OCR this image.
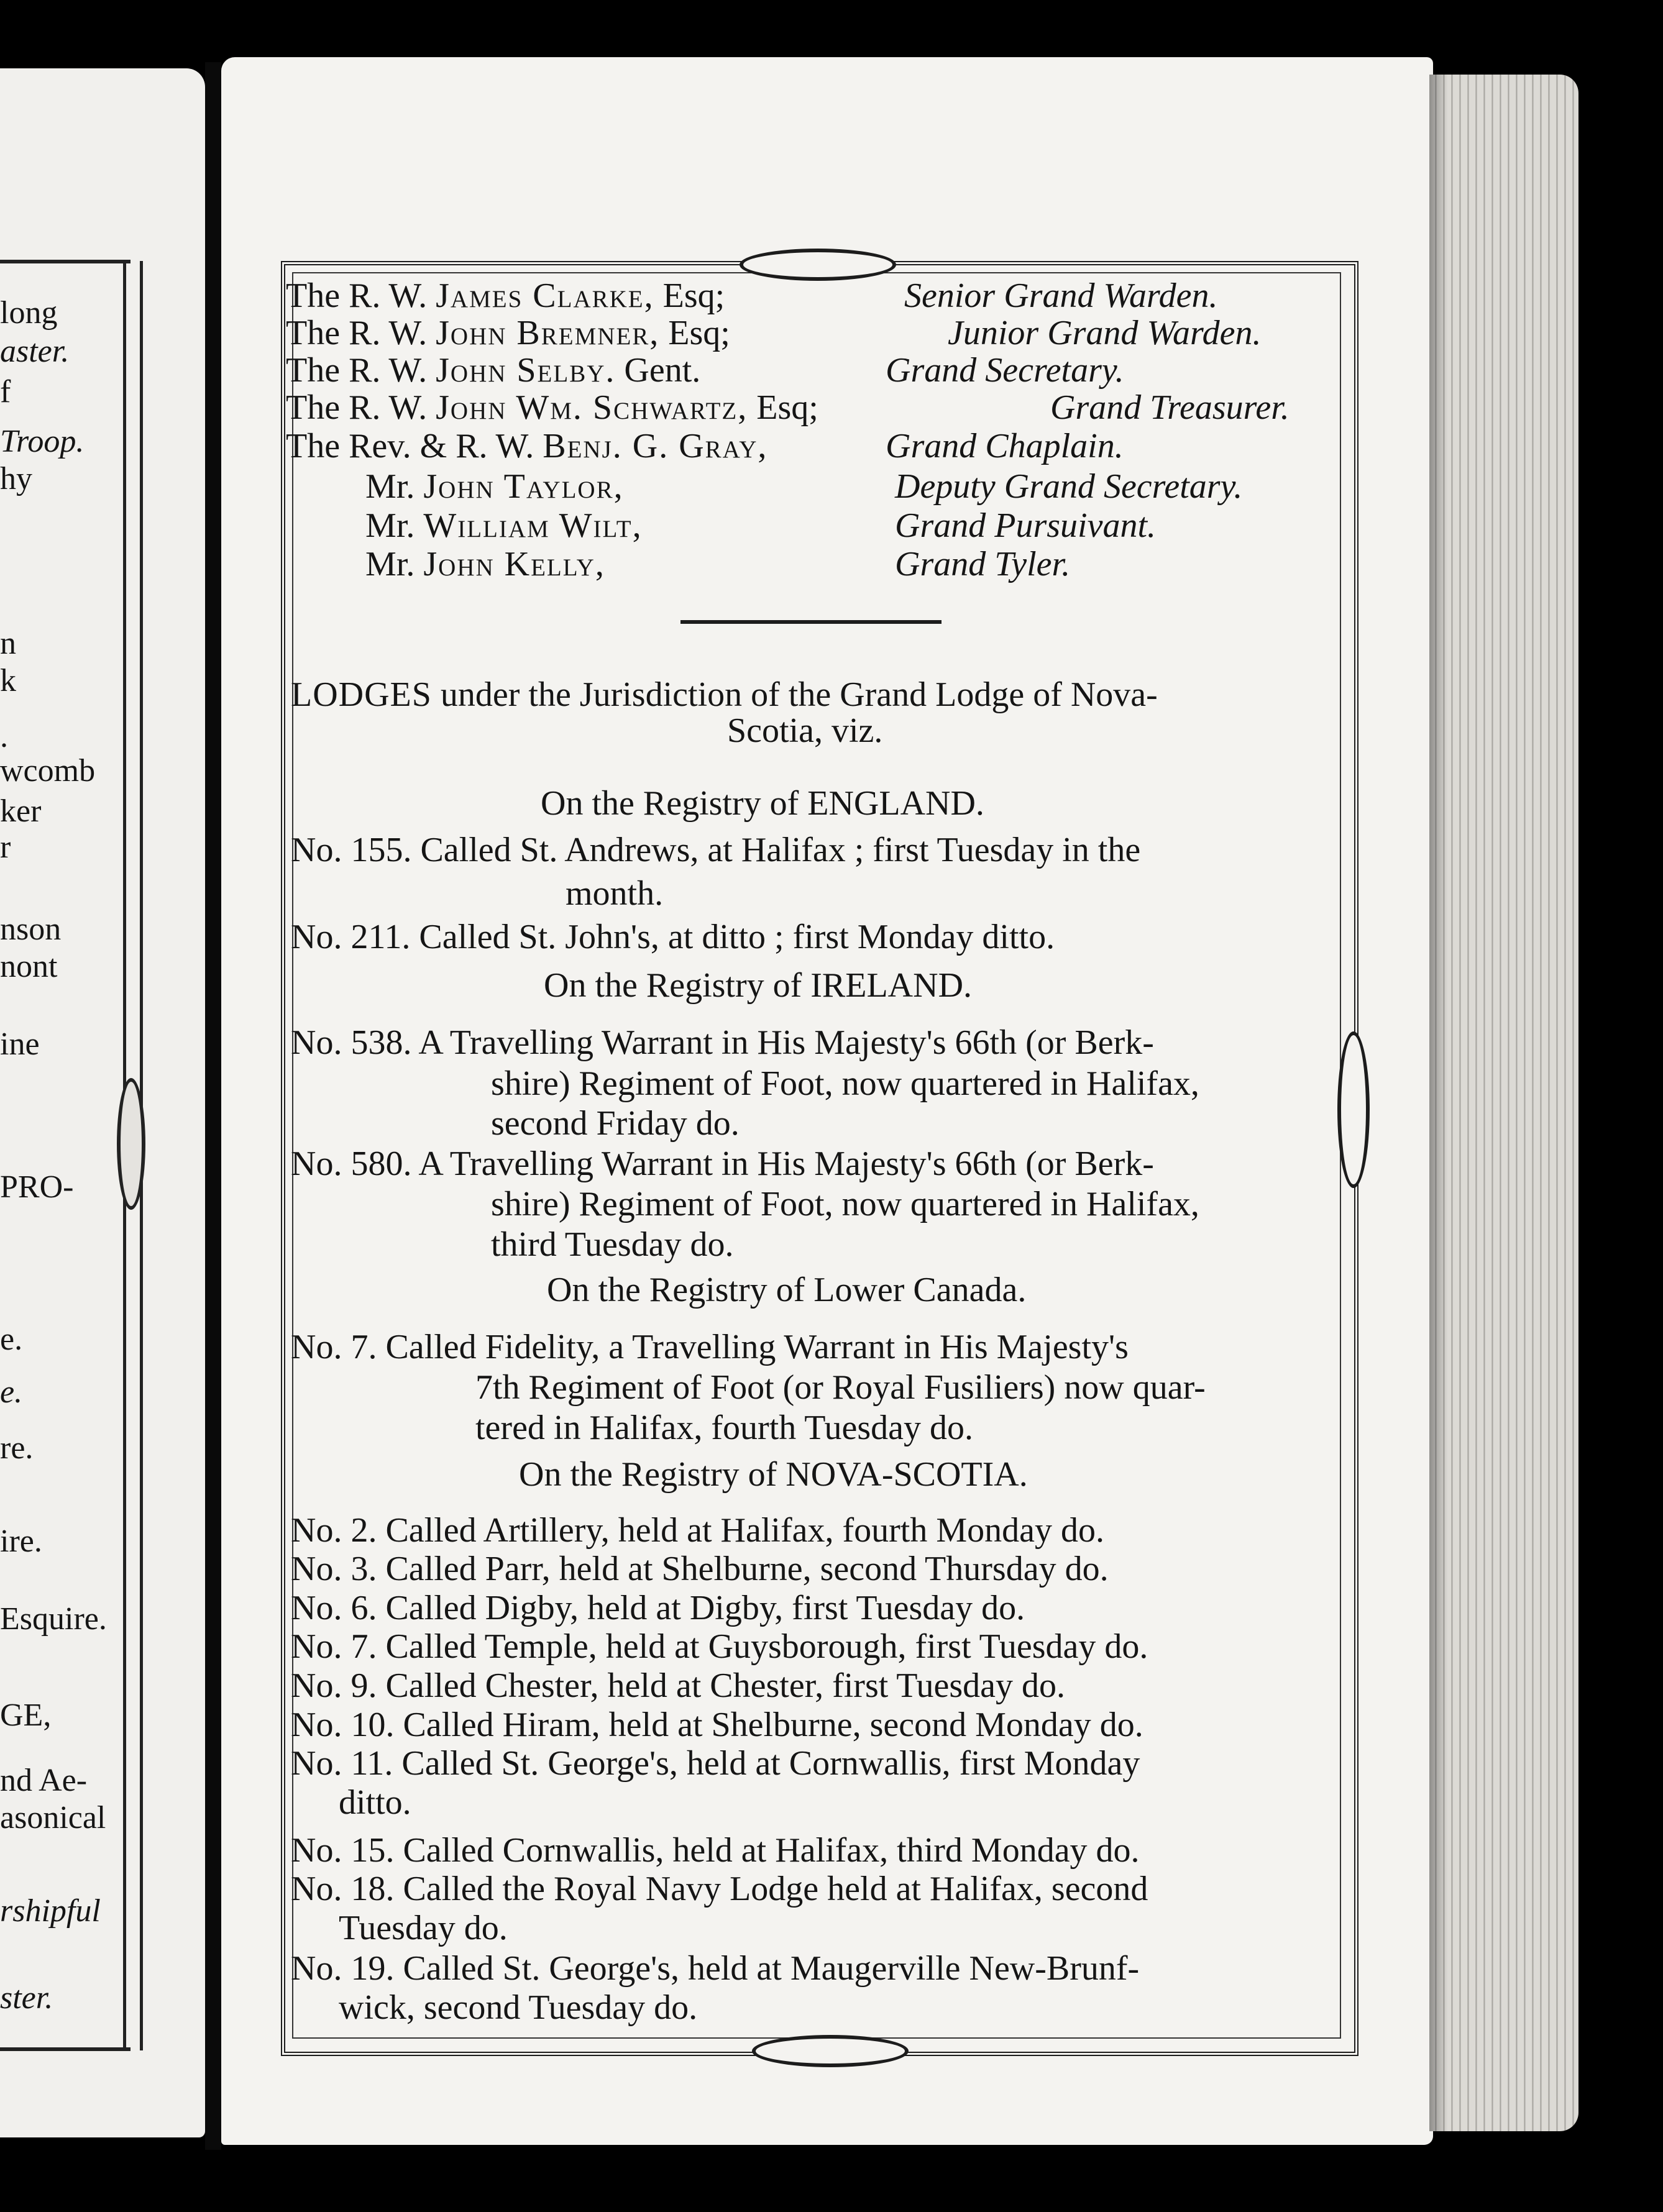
long
aster.
f
Troop.
hy
n
k
.
wcomb
ker
r
nson
nont
ine
PRO-
e.
e.
re.
ire.
Esquire.
GE,
nd Ae-
asonical
rshipful
ster.
The R. W. James Clarke, Esq;	Senior Grand Warden.
The R. W. John Bremner, Esq;	Junior Grand Warden.
The R. W. John Selby. Gent.	Grand Secretary.
The R. W. John Wm. Schwartz, Esq;	Grand Treasurer.
The Rev. & R. W. Benj. G. Gray,	Grand Chaplain.
Mr. John Taylor,	Deputy Grand Secretary.
Mr. William Wilt,	Grand Pursuivant.
Mr. John Kelly,	Grand Tyler.
LODGES under the Jurisdiction of the Grand Lodge of Nova-
Scotia, viz.
On the Registry of ENGLAND.
No. 155. Called St. Andrews, at Halifax ; first Tuesday in the
month.
No. 211. Called St. John's, at ditto ; first Monday ditto.
On the Registry of IRELAND.
No. 538. A Travelling Warrant in His Majesty's 66th (or Berk-
shire) Regiment of Foot, now quartered in Halifax,
second Friday do.
No. 580. A Travelling Warrant in His Majesty's 66th (or Berk-
shire) Regiment of Foot, now quartered in Halifax,
third Tuesday do.
On the Registry of Lower Canada.
No. 7. Called Fidelity, a Travelling Warrant in His Majesty's
7th Regiment of Foot (or Royal Fusiliers) now quar-
tered in Halifax, fourth Tuesday do.
On the Registry of NOVA-SCOTIA.
No. 2. Called Artillery, held at Halifax, fourth Monday do.
No. 3. Called Parr, held at Shelburne, second Thursday do.
No. 6. Called Digby, held at Digby, first Tuesday do.
No. 7. Called Temple, held at Guysborough, first Tuesday do.
No. 9. Called Chester, held at Chester, first Tuesday do.
No. 10. Called Hiram, held at Shelburne, second Monday do.
No. 11. Called St. George's, held at Cornwallis, first Monday
ditto.
No. 15. Called Cornwallis, held at Halifax, third Monday do.
No. 18. Called the Royal Navy Lodge held at Halifax, second
Tuesday do.
No. 19. Called St. George's, held at Maugerville New-Brunf-
wick, second Tuesday do.
